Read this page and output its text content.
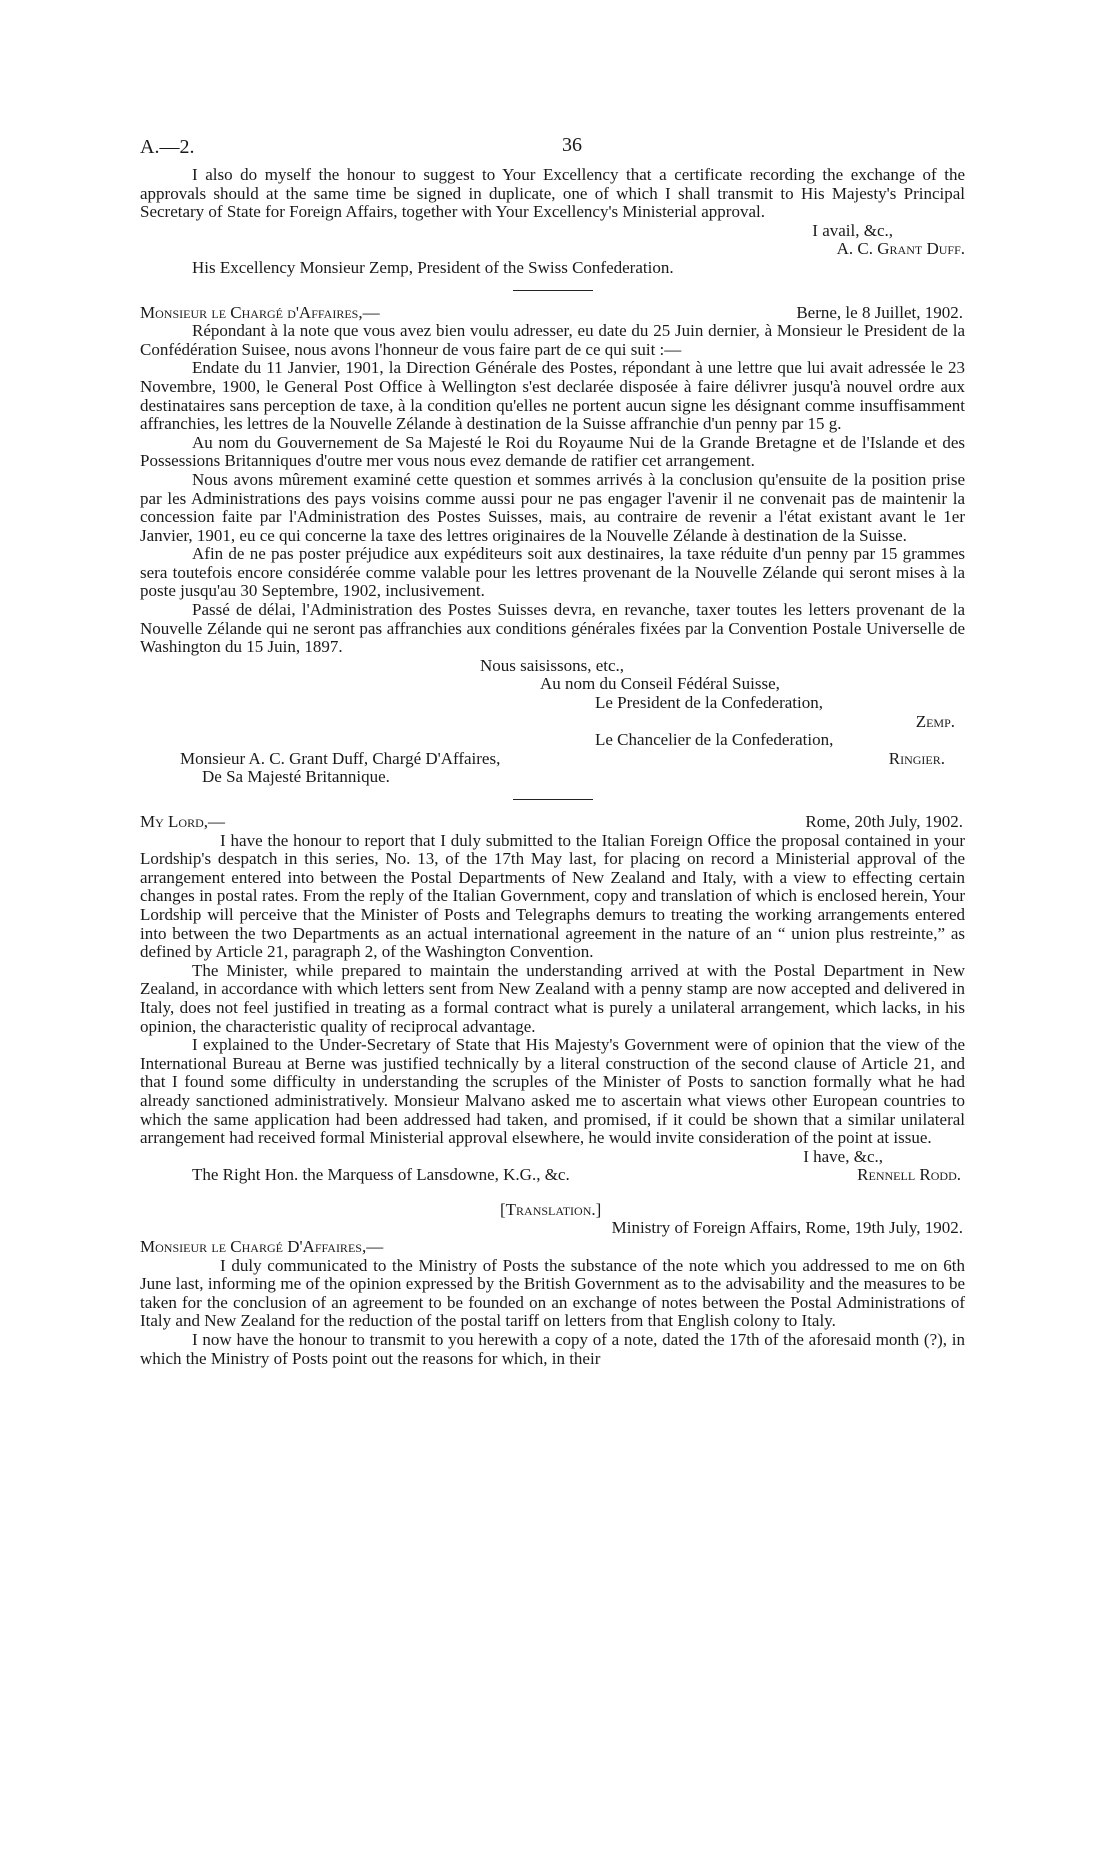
A.—2.	36

I also do myself the honour to suggest to Your Excellency that a certificate recording the exchange of the approvals should at the same time be signed in duplicate, one of which I shall transmit to His Majesty's Principal Secretary of State for Foreign Affairs, together with Your Excellency's Ministerial approval.

I avail, &c.,
A. C. Grant Duff.

His Excellency Monsieur Zemp, President of the Swiss Confederation.

Monsieur le Chargé d'Affaires,—	Berne, le 8 Juillet, 1902.

Répondant à la note que vous avez bien voulu adresser, eu date du 25 Juin dernier, à Monsieur le President de la Confédération Suisee, nous avons l'honneur de vous faire part de ce qui suit :—

Endate du 11 Janvier, 1901, la Direction Générale des Postes, répondant à une lettre que lui avait adressée le 23 Novembre, 1900, le General Post Office à Wellington s'est declarée disposée à faire délivrer jusqu'à nouvel ordre aux destinataires sans perception de taxe, à la condition qu'elles ne portent aucun signe les désignant comme insuffisamment affranchies, les lettres de la Nouvelle Zélande à destination de la Suisse affranchie d'un penny par 15 g.

Au nom du Gouvernement de Sa Majesté le Roi du Royaume Nui de la Grande Bretagne et de l'Islande et des Possessions Britanniques d'outre mer vous nous evez demande de ratifier cet arrangement.

Nous avons mûrement examiné cette question et sommes arrivés à la conclusion qu'ensuite de la position prise par les Administrations des pays voisins comme aussi pour ne pas engager l'avenir il ne convenait pas de maintenir la concession faite par l'Administration des Postes Suisses, mais, au contraire de revenir a l'état existant avant le 1er Janvier, 1901, eu ce qui concerne la taxe des lettres originaires de la Nouvelle Zélande à destination de la Suisse.

Afin de ne pas poster préjudice aux expéditeurs soit aux destinaires, la taxe réduite d'un penny par 15 grammes sera toutefois encore considérée comme valable pour les lettres provenant de la Nouvelle Zélande qui seront mises à la poste jusqu'au 30 Septembre, 1902, inclusivement.

Passé de délai, l'Administration des Postes Suisses devra, en revanche, taxer toutes les letters provenant de la Nouvelle Zélande qui ne seront pas affranchies aux conditions générales fixées par la Convention Postale Universelle de Washington du 15 Juin, 1897.

Nous saisissons, etc.,
Au nom du Conseil Fédéral Suisse,
Le President de la Confederation,
Zemp.
Le Chancelier de la Confederation,
Monsieur A. C. Grant Duff, Chargé D'Affaires,	Ringier.
De Sa Majesté Britannique.
My Lord,—	Rome, 20th July, 1902.

I have the honour to report that I duly submitted to the Italian Foreign Office the proposal contained in your Lordship's despatch in this series, No. 13, of the 17th May last, for placing on record a Ministerial approval of the arrangement entered into between the Postal Departments of New Zealand and Italy, with a view to effecting certain changes in postal rates. From the reply of the Italian Government, copy and translation of which is enclosed herein, Your Lordship will perceive that the Minister of Posts and Telegraphs demurs to treating the working arrangements entered into between the two Departments as an actual international agreement in the nature of an “ union plus restreinte,” as defined by Article 21, paragraph 2, of the Washington Convention.

The Minister, while prepared to maintain the understanding arrived at with the Postal Department in New Zealand, in accordance with which letters sent from New Zealand with a penny stamp are now accepted and delivered in Italy, does not feel justified in treating as a formal contract what is purely a unilateral arrangement, which lacks, in his opinion, the characteristic quality of reciprocal advantage.

I explained to the Under-Secretary of State that His Majesty's Government were of opinion that the view of the International Bureau at Berne was justified technically by a literal construction of the second clause of Article 21, and that I found some difficulty in understanding the scruples of the Minister of Posts to sanction formally what he had already sanctioned administratively. Monsieur Malvano asked me to ascertain what views other European countries to which the same application had been addressed had taken, and promised, if it could be shown that a similar unilateral arrangement had received formal Ministerial approval elsewhere, he would invite consideration of the point at issue.

I have, &c.,
The Right Hon. the Marquess of Lansdowne, K.G., &c.	Rennell Rodd.
[Translation.]
Ministry of Foreign Affairs, Rome, 19th July, 1902.
Monsieur le Chargé D'Affaires,—

I duly communicated to the Ministry of Posts the substance of the note which you addressed to me on 6th June last, informing me of the opinion expressed by the British Government as to the advisability and the measures to be taken for the conclusion of an agreement to be founded on an exchange of notes between the Postal Administrations of Italy and New Zealand for the reduction of the postal tariff on letters from that English colony to Italy.

I now have the honour to transmit to you herewith a copy of a note, dated the 17th of the aforesaid month (?), in which the Ministry of Posts point out the reasons for which, in their
